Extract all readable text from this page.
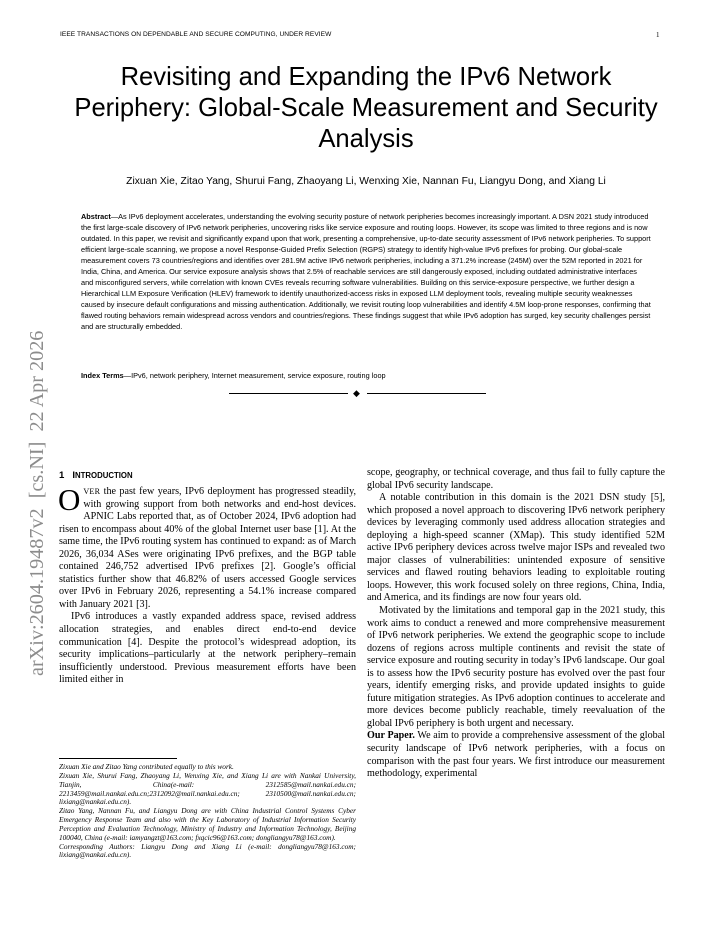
IEEE TRANSACTIONS ON DEPENDABLE AND SECURE COMPUTING, UNDER REVIEW	1
Revisiting and Expanding the IPv6 Network Periphery: Global-Scale Measurement and Security Analysis
Zixuan Xie, Zitao Yang, Shurui Fang, Zhaoyang Li, Wenxing Xie, Nannan Fu, Liangyu Dong, and Xiang Li

Abstract—As IPv6 deployment accelerates, understanding the evolving security posture of network peripheries becomes increasingly important. A DSN 2021 study introduced the first large-scale discovery of IPv6 network peripheries, uncovering risks like service exposure and routing loops. However, its scope was limited to three regions and is now outdated. In this paper, we revisit and significantly expand upon that work, presenting a comprehensive, up-to-date security assessment of IPv6 network peripheries. To support efficient large-scale scanning, we propose a novel Response-Guided Prefix Selection (RGPS) strategy to identify high-value IPv6 prefixes for probing. Our global-scale measurement covers 73 countries/regions and identifies over 281.9M active IPv6 network peripheries, including a 371.2% increase (245M) over the 52M reported in 2021 for India, China, and America. Our service exposure analysis shows that 2.5% of reachable services are still dangerously exposed, including outdated administrative interfaces and misconfigured servers, while correlation with known CVEs reveals recurring software vulnerabilities. Building on this service-exposure perspective, we further design a Hierarchical LLM Exposure Verification (HLEV) framework to identify unauthorized-access risks in exposed LLM deployment tools, revealing multiple security weaknesses caused by insecure default configurations and missing authentication. Additionally, we revisit routing loop vulnerabilities and identify 4.5M loop-prone responses, confirming that flawed routing behaviors remain widespread across vendors and countries/regions. These findings suggest that while IPv6 adoption has surged, key security challenges persist and are structurally embedded.

Index Terms—IPv6, network periphery, Internet measurement, service exposure, routing loop

◆
arXiv:2604.19487v2  [cs.NI]  22 Apr 2026 1 INTRODUCTION

OVER the past few years, IPv6 deployment has progressed steadily, with growing support from both networks and end-host devices. APNIC Labs reported that, as of October 2024, IPv6 adoption had risen to encompass about 40% of the global Internet user base [1]. At the same time, the IPv6 routing system has continued to expand: as of March 2026, 36,034 ASes were originating IPv6 prefixes, and the BGP table contained 246,752 advertised IPv6 prefixes [2]. Google’s official statistics further show that 46.82% of users accessed Google services over IPv6 in February 2026, representing a 54.1% increase compared with January 2021 [3].

IPv6 introduces a vastly expanded address space, revised address allocation strategies, and enables direct end-to-end device communication [4]. Despite the protocol’s widespread adoption, its security implications–particularly at the network periphery–remain insufficiently understood. Previous measurement efforts have been limited either in

Zixuan Xie and Zitao Yang contributed equally to this work.
Zixuan Xie, Shurui Fang, Zhaoyang Li, Wenxing Xie, and Xiang Li are with Nankai University, Tianjin, China(e-mail: 2312585@mail.nankai.edu.cn; 2213459@mail.nankai.edu.cn;2312092@mail.nankai.edu.cn; 2310500@mail.nankai.edu.cn; lixiang@nankai.edu.cn).
Zitao Yang, Nannan Fu, and Liangyu Dong are with China Industrial Control Systems Cyber Emergency Response Team and also with the Key Laboratory of Industrial Information Security Perception and Evaluation Technology, Ministry of Industry and Information Technology, Beijing 100040, China (e-mail: iamyangzt@163.com; fxqcic96@163.com; dongliangyu78@163.com).
Corresponding Authors: Liangyu Dong and Xiang Li (e-mail: dongliangyu78@163.com; lixiang@nankai.edu.cn).

scope, geography, or technical coverage, and thus fail to fully capture the global IPv6 security landscape.

A notable contribution in this domain is the 2021 DSN study [5], which proposed a novel approach to discovering IPv6 network periphery devices by leveraging commonly used address allocation strategies and deploying a high-speed scanner (XMap). This study identified 52M active IPv6 periphery devices across twelve major ISPs and revealed two major classes of vulnerabilities: unintended exposure of sensitive services and flawed routing behaviors leading to exploitable routing loops. However, this work focused solely on three regions, China, India, and America, and its findings are now four years old.

Motivated by the limitations and temporal gap in the 2021 study, this work aims to conduct a renewed and more comprehensive measurement of IPv6 network peripheries. We extend the geographic scope to include dozens of regions across multiple continents and revisit the state of service exposure and routing security in today’s IPv6 landscape. Our goal is to assess how the IPv6 security posture has evolved over the past four years, identify emerging risks, and provide updated insights to guide future mitigation strategies. As IPv6 adoption continues to accelerate and more devices become publicly reachable, timely reevaluation of the global IPv6 periphery is both urgent and necessary.

Our Paper. We aim to provide a comprehensive assessment of the global security landscape of IPv6 network peripheries, with a focus on comparison with the past four years. We first introduce our measurement methodology, experimental
